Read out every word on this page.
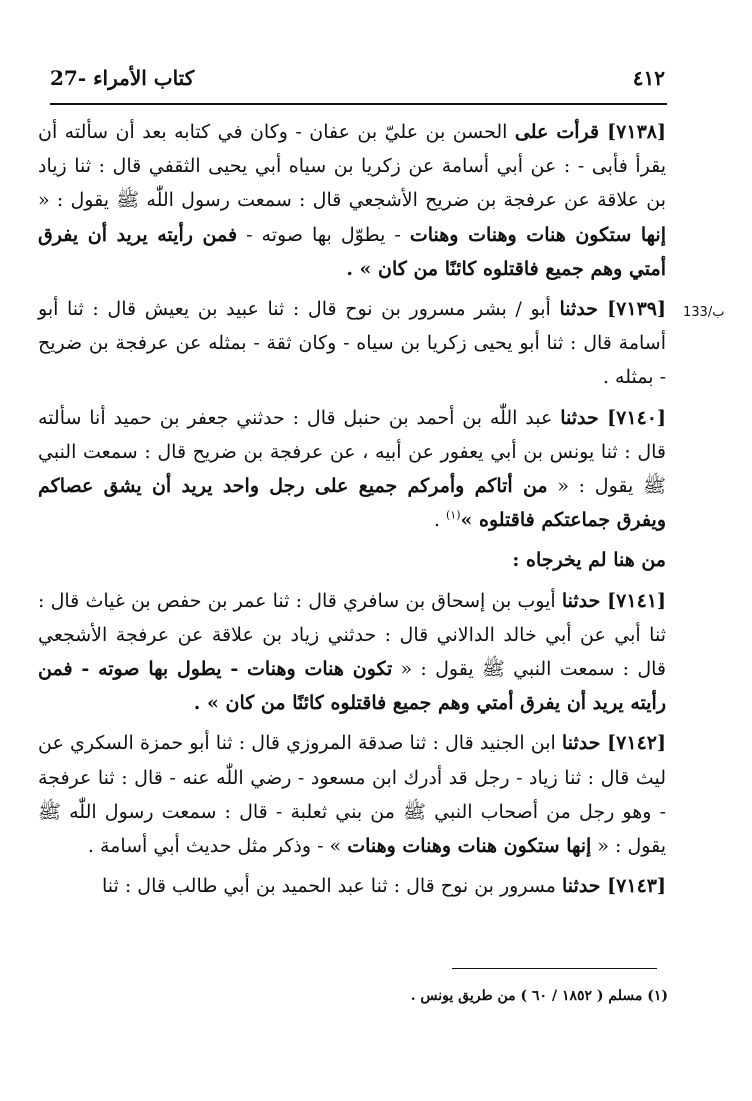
27- كتاب الأمراء	٤١٢
133/ب

[٧١٣٨] قرأت على الحسن بن عليّ بن عفان - وكان في كتابه بعد أن سألته أن يقرأ فأبى - : عن أبي أسامة عن زكريا بن سياه أبي يحيى الثقفي قال : ثنا زياد بن علاقة عن عرفجة بن ضريح الأشجعي قال : سمعت رسول اللّٰه ﷺ يقول : « إنها ستكون هنات وهنات وهنات - يطوّل بها صوته - فمن رأيته يريد أن يفرق أمتي وهم جميع فاقتلوه كائنًا من كان » .

[٧١٣٩] حدثنا أبو / بشر مسرور بن نوح قال : ثنا عبيد بن يعيش قال : ثنا أبو أسامة قال : ثنا أبو يحيى زكريا بن سياه - وكان ثقة - بمثله عن عرفجة بن ضريح - بمثله .

[٧١٤٠] حدثنا عبد اللّٰه بن أحمد بن حنبل قال : حدثني جعفر بن حميد أنا سألته قال : ثنا يونس بن أبي يعفور عن أبيه ، عن عرفجة بن ضريح قال : سمعت النبي ﷺ يقول : « من أتاكم وأمركم جميع على رجل واحد يريد أن يشق عصاكم ويفرق جماعتكم فاقتلوه »$^{(١)}$ .

من هنا لم يخرجاه :

[٧١٤١] حدثنا أيوب بن إسحاق بن سافري قال : ثنا عمر بن حفص بن غياث قال : ثنا أبي عن أبي خالد الدالاني قال : حدثني زياد بن علاقة عن عرفجة الأشجعي قال : سمعت النبي ﷺ يقول : « تكون هنات وهنات - يطول بها صوته - فمن رأيته يريد أن يفرق أمتي وهم جميع فاقتلوه كائنًا من كان » .

[٧١٤٢] حدثنا ابن الجنيد قال : ثنا صدقة المروزي قال : ثنا أبو حمزة السكري عن ليث قال : ثنا زياد - رجل قد أدرك ابن مسعود - رضي اللّٰه عنه - قال : ثنا عرفجة - وهو رجل من أصحاب النبي ﷺ من بني ثعلبة - قال : سمعت رسول اللّٰه ﷺ يقول : « إنها ستكون هنات وهنات وهنات » - وذكر مثل حديث أبي أسامة .

[٧١٤٣] حدثنا مسرور بن نوح قال : ثنا عبد الحميد بن أبي طالب قال : ثنا

(١) مسلم ( ١٨٥٢ / ٦٠ ) من طريق يونس .
